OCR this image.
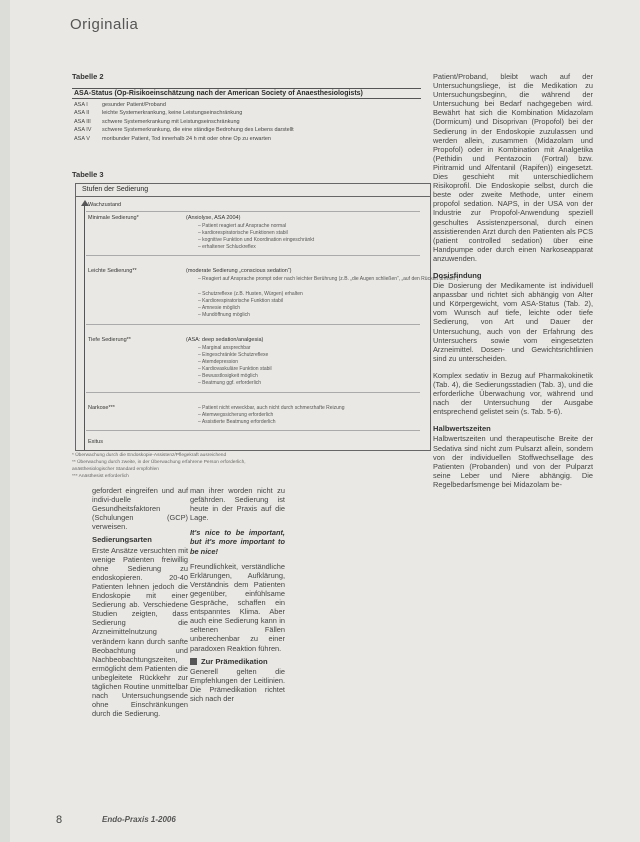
Originalia
Tabelle 2
ASA-Status (Op-Risikoeinschätzung nach der American Society of Anaesthesiologists)
ASA I	gesunder Patient/Proband
ASA II	leichte Systemerkrankung, keine Leistungseinschränkung
ASA III	schwere Systemerkrankung mit Leistungseinschränkung
ASA IV	schwere Systemerkrankung, die eine ständige Bedrohung des Lebens darstellt
ASA V	moribunder Patient, Tod innerhalb 24 h mit oder ohne Op zu erwarten
Tabelle 3
Stufen der Sedierung
Wachzustand
Minimale Sedierung*	(Anxiolyse, ASA 2004)
– Patient reagiert auf Ansprache normal
– kardiorespiratorische Funktionen stabil
– kognitive Funktion und Koordination eingeschränkt
– erhaltener Schluckreflex
Leichte Sedierung**	(moderate Sedierung „conscious sedation“)
– Reagiert auf Ansprache prompt oder nach leichter Berührung (z.B. „die Augen schließen“, „auf den Rücken drehen“)
– Schutzreflexe (z.B. Husten, Würgen) erhalten
– Kardiorespiratorische Funktion stabil
– Amnesie möglich
– Mundöffnung möglich
Tiefe Sedierung**	(ASA: deep sedation/analgesia)
– Marginal ansprechbar
– Eingeschränkte Schutzreflexe
– Atemdepression
– Kardiovaskuläre Funktion stabil
– Bewusstlosigkeit möglich
– Beatmung ggf. erforderlich
Narkose***	– Patient nicht erweckbar, auch nicht durch schmerzhafte Reizung
– Atemwegssicherung erforderlich
– Assistierte Beatmung erforderlich
Exitus
* Überwachung durch die Endoskopie-Assistenz/Pflegekraft ausreichend
** Überwachung durch zweite, in der Überwachung erfahrene Person erforderlich,
anästhesiologischer Standard empfohlen
*** Anästhesist erforderlich

gefordert eingreifen und auf indivi-duelle Gesundheitsfaktoren (Schulungen (GCP) verweisen.

Sedierungsarten

Erste Ansätze versuchten mit wenige Patienten freiwillig ohne Sedierung zu endoskopieren. 20-40 Patienten lehnen jedoch die Endoskopie mit einer Sedierung ab. Verschiedene Studien zeigten, dass Sedierung die Arzneimittelnutzung verändern kann durch sanfte Beobachtung und Nachbeobachtungszeiten, ermöglicht dem Patienten die unbegleitete Rückkehr zur täglichen Routine unmittelbar nach Untersuchungsende ohne Einschränkungen durch die Sedierung.

man ihrer worden nicht zu gefährden. Sedierung ist heute in der Praxis auf die Lage.

It's nice to be important, but it's more important to be nice!

Freundlichkeit, verständliche Erklärungen, Aufklärung, Verständnis dem Patienten gegenüber, einfühlsame Gespräche, schaffen ein entspanntes Klima. Aber auch eine Sedierung kann in seltenen Fällen unberechenbar zu einer paradoxen Reaktion führen.

Zur Prämedikation

Generell gelten die Empfehlungen der Leitlinien. Die Prämedikation richtet sich nach der

Patient/Proband, bleibt wach auf der Untersuchungsliege, ist die Medikation zu Untersuchungsbeginn, die während der Untersuchung bei Bedarf nachgegeben wird. Bewährt hat sich die Kombination Midazolam (Dormicum) und Disoprivan (Propofol) bei der Sedierung in der Endoskopie zuzulassen und werden allein, zusammen (Midazolam und Propofol) oder in Kombination mit Analgetika (Pethidin und Pentazocin (Fortral) bzw. Piritramid und Alfentanil (Rapifen)) eingesetzt. Dies geschieht mit unterschiedlichem Risikoprofil. Die Endoskopie selbst, durch die beste oder zweite Methode, unter einem propofol sedation. NAPS, in der USA von der Industrie zur Propofol-Anwendung speziell geschultes Assistenzpersonal, durch einen assistierenden Arzt durch den Patienten als PCS (patient controlled sedation) über eine Handpumpe oder durch einen Narkoseapparat anzuwenden.

Dosisfindung

Die Dosierung der Medikamente ist individuell anpassbar und richtet sich abhängig von Alter und Körpergewicht, vom ASA-Status (Tab. 2), vom Wunsch auf tiefe, leichte oder tiefe Sedierung, von Art und Dauer der Untersuchung, auch von der Erfahrung des Untersuchers sowie vom eingesetzten Arzneimittel. Dosen- und Gewichtsrichtlinien sind zu unterscheiden.

Komplex sedativ in Bezug auf Pharmakokinetik (Tab. 4), die Sedierungsstadien (Tab. 3), und die erforderliche Überwachung vor, während und nach der Untersuchung der Ausgabe entsprechend gelistet sein (s. Tab. 5-6).

Halbwertszeiten

Halbwertszeiten und therapeutische Breite der Sedativa sind nicht zum Pulsarzt allein, sondern von der individuellen Stoffwechsellage des Patienten (Probanden) und von der Pulparzt seine Leber und Niere abhängig. Die Regelbedarfsmenge bei Midazolam be-

8	Endo-Praxis 1-2006
